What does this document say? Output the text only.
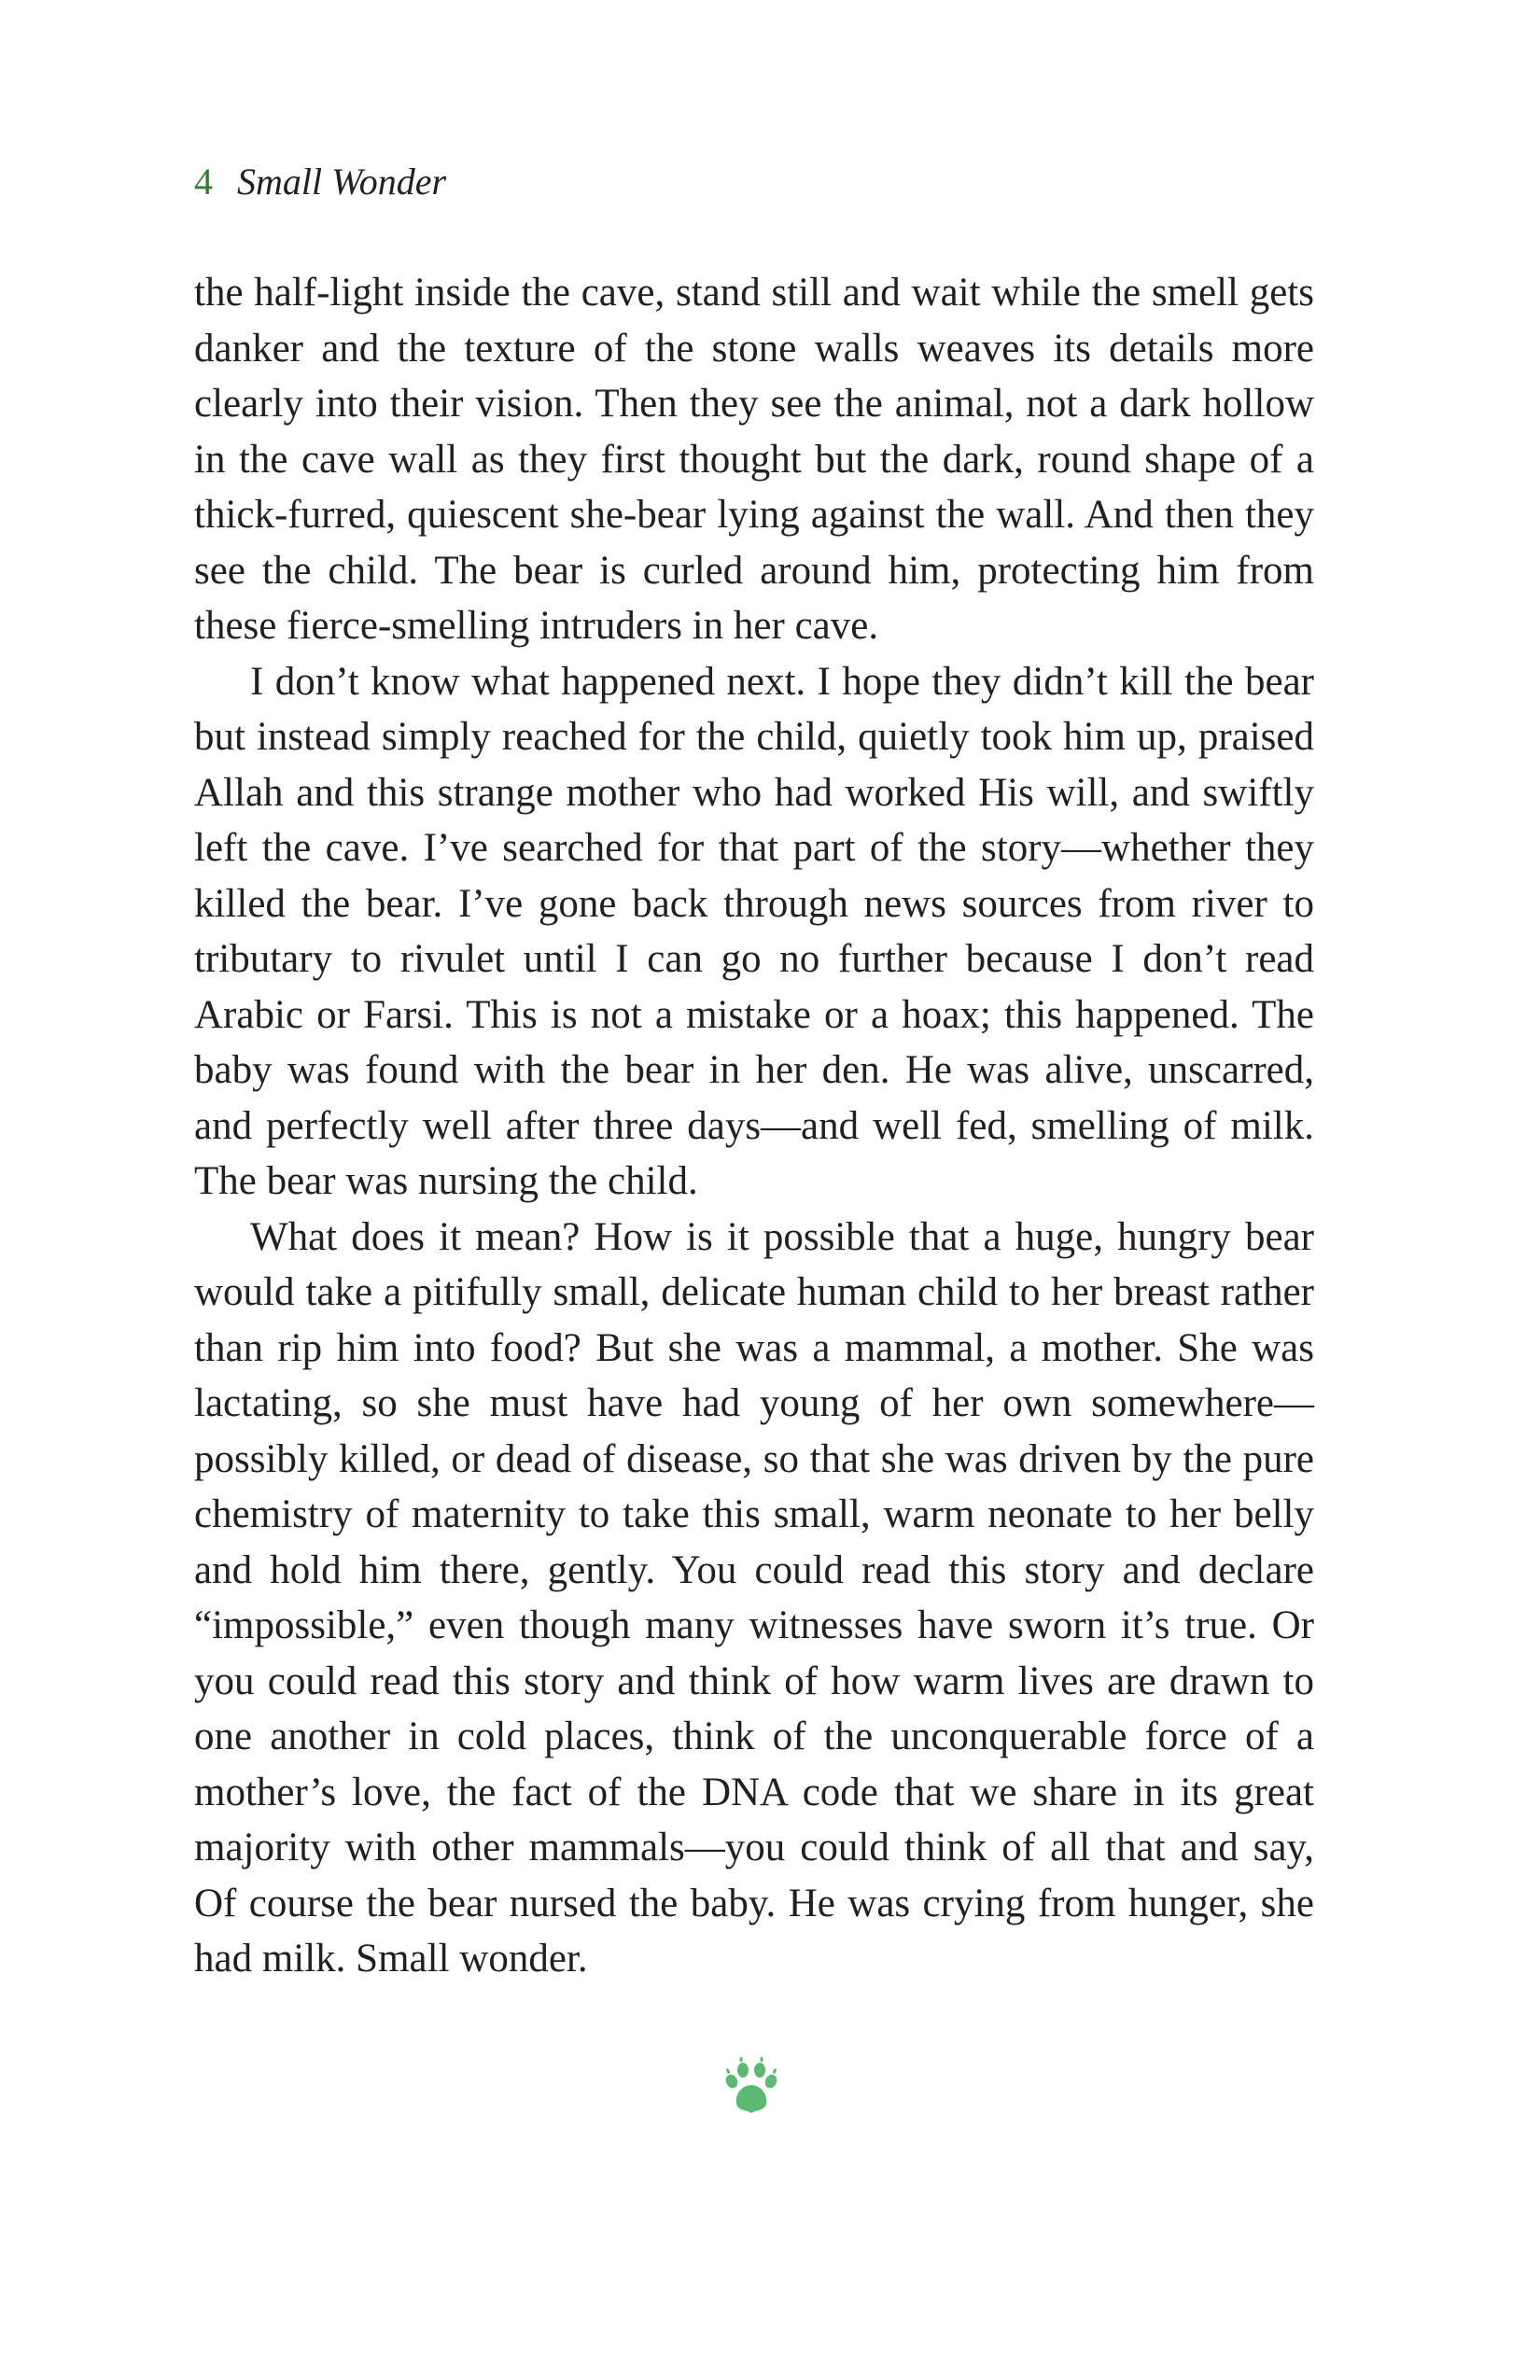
4 Small Wonder

the half-light inside the cave, stand still and wait while the smell gets danker and the texture of the stone walls weaves its details more clearly into their vision. Then they see the animal, not a dark hollow in the cave wall as they first thought but the dark, round shape of a thick-furred, quiescent she-bear lying against the wall. And then they see the child. The bear is curled around him, protecting him from these fierce-smelling intruders in her cave.

I don’t know what happened next. I hope they didn’t kill the bear but instead simply reached for the child, quietly took him up, praised Allah and this strange mother who had worked His will, and swiftly left the cave. I’ve searched for that part of the story—whether they killed the bear. I’ve gone back through news sources from river to tributary to rivulet until I can go no further because I don’t read Arabic or Farsi. This is not a mistake or a hoax; this happened. The baby was found with the bear in her den. He was alive, unscarred, and perfectly well after three days—and well fed, smelling of milk. The bear was nursing the child.

What does it mean? How is it possible that a huge, hungry bear would take a pitifully small, delicate human child to her breast rather than rip him into food? But she was a mammal, a mother. She was lactating, so she must have had young of her own somewhere—possibly killed, or dead of disease, so that she was driven by the pure chemistry of maternity to take this small, warm neonate to her belly and hold him there, gently. You could read this story and declare “impossible,” even though many witnesses have sworn it’s true. Or you could read this story and think of how warm lives are drawn to one another in cold places, think of the unconquerable force of a mother’s love, the fact of the DNA code that we share in its great majority with other mammals—you could think of all that and say, Of course the bear nursed the baby. He was crying from hunger, she had milk. Small wonder.
